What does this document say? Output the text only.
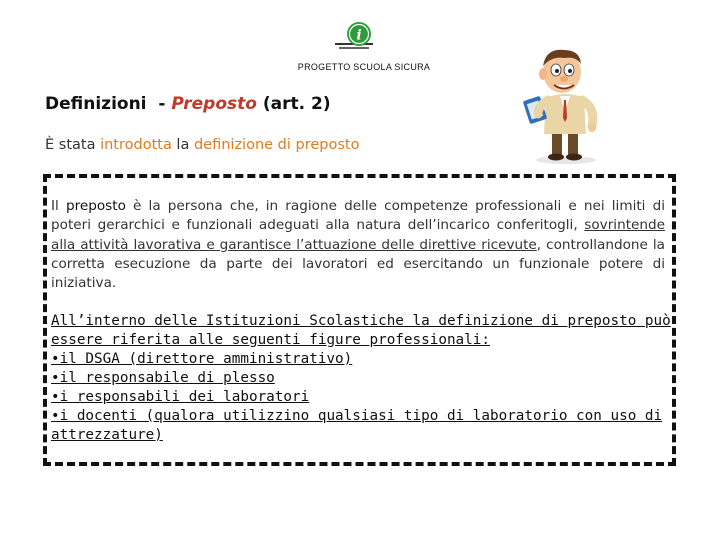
i
PROGETTO SCUOLA SICURA
Definizioni  - Preposto (art. 2)
È stata introdotta la definizione di preposto
Il preposto è la persona che, in ragione delle competenze professionali e nei limiti di poteri gerarchici e funzionali adeguati alla natura dell’incarico conferitogli, sovrintende alla attività lavorativa e garantisce l’attuazione delle direttive ricevute, controllandone la corretta esecuzione da parte dei lavoratori ed esercitando un funzionale potere di iniziativa.
All’interno delle Istituzioni Scolastiche la definizione di preposto può
essere riferita alle seguenti figure professionali:
•il DSGA (direttore amministrativo)
•il responsabile di plesso
•i responsabili dei laboratori
•i docenti (qualora utilizzino qualsiasi tipo di laboratorio con uso di
attrezzature)
